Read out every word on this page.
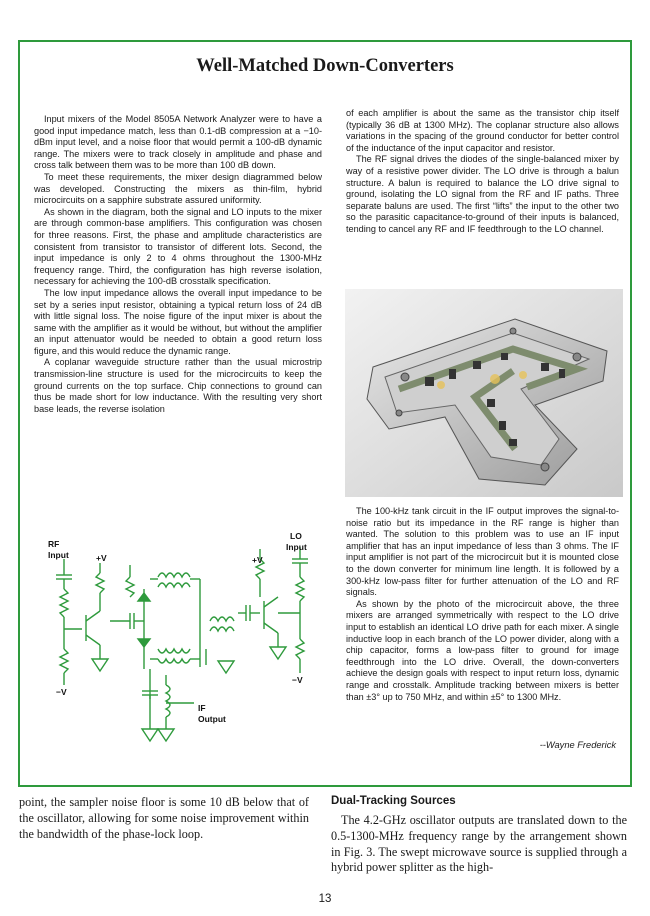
Well-Matched Down-Converters

Input mixers of the Model 8505A Network Analyzer were to have a good input impedance match, less than 0.1-dB compression at a −10-dBm input level, and a noise floor that would permit a 100-dB dynamic range. The mixers were to track closely in amplitude and phase and cross talk between them was to be more than 100 dB down.

To meet these requirements, the mixer design diagrammed below was developed. Constructing the mixers as thin-film, hybrid microcircuits on a sapphire substrate assured uniformity.

As shown in the diagram, both the signal and LO inputs to the mixer are through common-base amplifiers. This configuration was chosen for three reasons. First, the phase and amplitude characteristics are consistent from transistor to transistor of different lots. Second, the input impedance is only 2 to 4 ohms throughout the 1300-MHz frequency range. Third, the configuration has high reverse isolation, necessary for achieving the 100-dB crosstalk specification.

The low input impedance allows the overall input impedance to be set by a series input resistor, obtaining a typical return loss of 24 dB with little signal loss. The noise figure of the input mixer is about the same with the amplifier as it would be without, but without the amplifier an input attenuator would be needed to obtain a good return loss figure, and this would reduce the dynamic range.

A coplanar waveguide structure rather than the usual microstrip transmission-line structure is used for the microcircuits to keep the ground currents on the top surface. Chip connections to ground can thus be made short for low inductance. With the resulting very short base leads, the reverse isolation

of each amplifier is about the same as the transistor chip itself (typically 36 dB at 1300 MHz). The coplanar structure also allows variations in the spacing of the ground conductor for better control of the inductance of the input capacitor and resistor.

The RF signal drives the diodes of the single-balanced mixer by way of a resistive power divider. The LO drive is through a balun structure. A balun is required to balance the LO drive signal to ground, isolating the LO signal from the RF and IF paths. Three separate baluns are used. The first “lifts” the input to the other two so the parasitic capacitance-to-ground of their inputs is balanced, tending to cancel any RF and IF feedthrough to the LO channel.

RF
Input
LO
Input
+V	+V
−V
−V
IF
Output

The 100-kHz tank circuit in the IF output improves the signal-to-noise ratio but its impedance in the RF range is higher than wanted. The solution to this problem was to use an IF input amplifier that has an input impedance of less than 3 ohms. The IF input amplifier is not part of the microcircuit but it is mounted close to the down converter for minimum line length. It is followed by a 300-kHz low-pass filter for further attenuation of the LO and RF signals.

As shown by the photo of the microcircuit above, the three mixers are arranged symmetrically with respect to the LO drive input to establish an identical LO drive path for each mixer. A single inductive loop in each branch of the LO power divider, along with a chip capacitor, forms a low-pass filter to ground for image feedthrough into the LO drive. Overall, the down-converters achieve the design goals with respect to input return loss, dynamic range and crosstalk. Amplitude tracking between mixers is better than ±3° up to 750 MHz, and within ±5° to 1300 MHz.

--Wayne Frederick

point, the sampler noise floor is some 10 dB below that of the oscillator, allowing for some noise improvement within the bandwidth of the phase-lock loop.

Dual-Tracking Sources

The 4.2-GHz oscillator outputs are translated down to the 0.5-1300-MHz frequency range by the arrangement shown in Fig. 3. The swept microwave source is supplied through a hybrid power splitter as the high-

13
